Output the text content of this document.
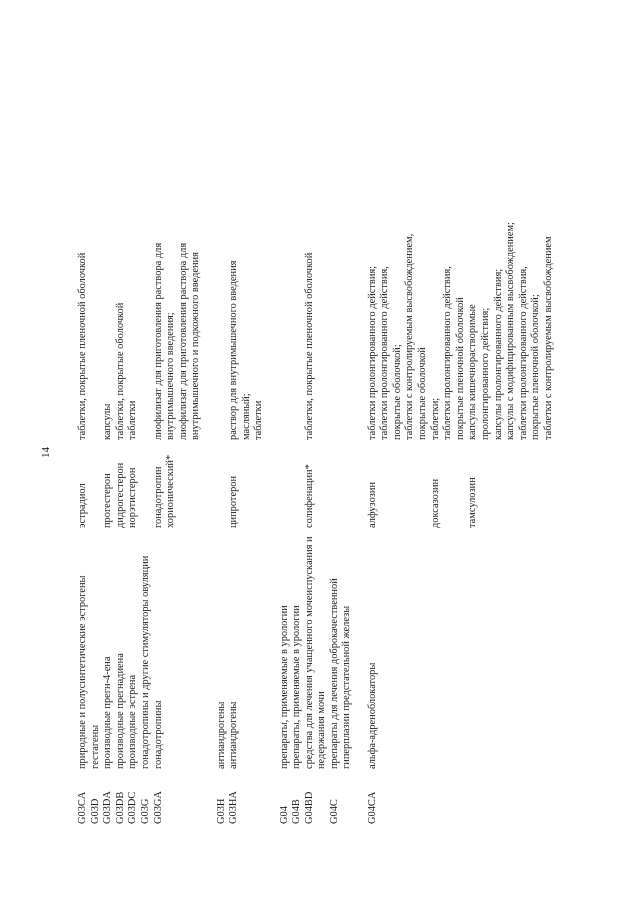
14
G03CA G03D G03DA G03DB G03DC G03G G03GA
природные и полусинтетические эстрогены гестагены производные прегн-4-ена производные прегнадиена производные эстрена гонадотропины и другие стимуляторы овуляции гонадотропины
эстрадиол прогестерон дидрогестерон норэтистерон гонадотропин хорионический*
таблетки, покрытые пленочной оболочкой капсулы таблетки, покрытые оболочкой таблетки лиофилизат для приготовления раствора для внутримышечного введения; лиофилизат для приготовления раствора для внутримышечного и подкожного введения
G03H G03HA
антиандрогены антиандрогены
ципротерон
раствор для внутримышечного введения масляный; таблетки
G04 G04B G04BD G04C
препараты, применяемые в урологии препараты, применяемые в урологии средства для лечения учащенного мочеиспускания и недержания мочи препараты для лечения доброкачественной гиперплазии предстательной железы
солифенацин*
таблетки, покрытые пленочной оболочкой
G04CA
альфа-адреноблокаторы
алфузозин
таблетки пролонгированного действия; таблетки пролонгированного действия, покрытые оболочкой; таблетки с контролируемым высвобождением, покрытые оболочкой
доксазозин
таблетки; таблетки пролонгированного действия, покрытые пленочной оболочкой
тамсулозин
капсулы кишечнорастворимые пролонгированного действия; капсулы пролонгированного действия; капсулы с модифицированным высвобождением; таблетки пролонгированного действия, покрытые пленочной оболочкой; таблетки с контролируемым высвобождением
